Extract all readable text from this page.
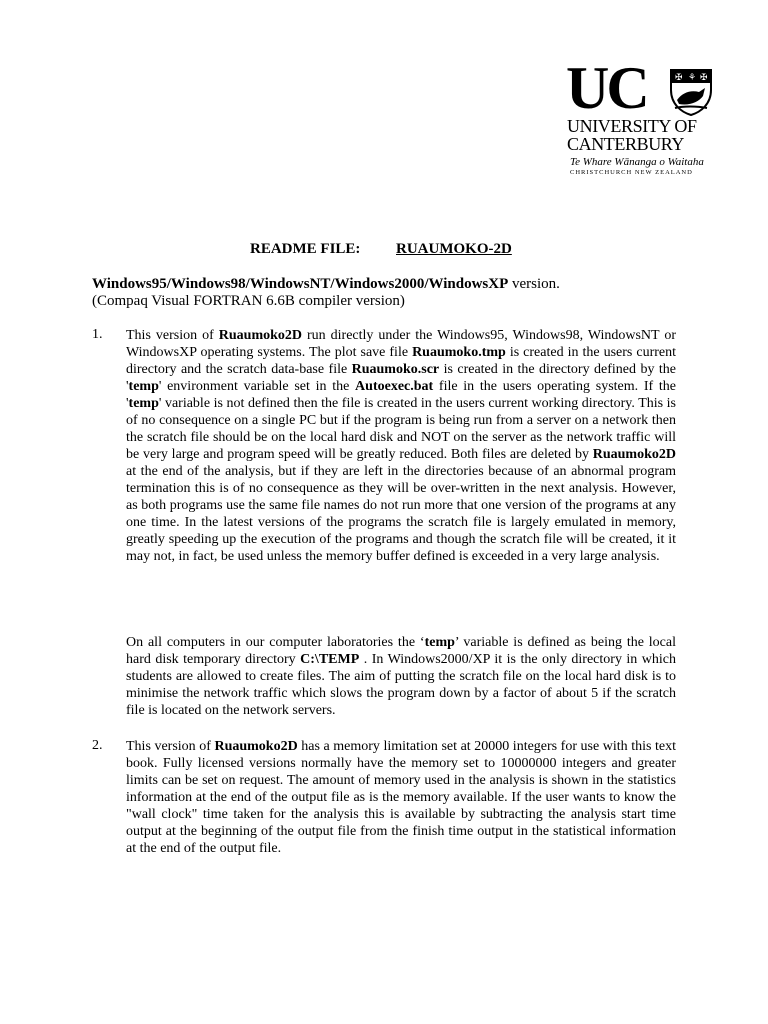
UC	✠ ⚘ ✠
UNIVERSITY OF
CANTERBURY
Te Whare Wānanga o Waitaha
CHRISTCHURCH NEW ZEALAND
README FILE: RUAUMOKO-2D
Windows95/Windows98/WindowsNT/Windows2000/WindowsXP version.
(Compaq Visual FORTRAN 6.6B compiler version)
1. This version of Ruaumoko2D run directly under the Windows95, Windows98, WindowsNT or WindowsXP operating systems. The plot save file Ruaumoko.tmp is created in the users current directory and the scratch data-base file Ruaumoko.scr is created in the directory defined by the 'temp' environment variable set in the Autoexec.bat file in the users operating system. If the 'temp' variable is not defined then the file is created in the users current working directory. This is of no consequence on a single PC but if the program is being run from a server on a network then the scratch file should be on the local hard disk and NOT on the server as the network traffic will be very large and program speed will be greatly reduced. Both files are deleted by Ruaumoko2D at the end of the analysis, but if they are left in the directories because of an abnormal program termination this is of no consequence as they will be over-written in the next analysis. However, as both programs use the same file names do not run more that one version of the programs at any one time. In the latest versions of the programs the scratch file is largely emulated in memory, greatly speeding up the execution of the programs and though the scratch file will be created, it it may not, in fact, be used unless the memory buffer defined is exceeded in a very large analysis.
On all computers in our computer laboratories the ‘temp’ variable is defined as being the local hard disk temporary directory C:\TEMP . In Windows2000/XP it is the only directory in which students are allowed to create files. The aim of putting the scratch file on the local hard disk is to minimise the network traffic which slows the program down by a factor of about 5 if the scratch file is located on the network servers.
2. This version of Ruaumoko2D has a memory limitation set at 20000 integers for use with this text book. Fully licensed versions normally have the memory set to 10000000 integers and greater limits can be set on request. The amount of memory used in the analysis is shown in the statistics information at the end of the output file as is the memory available. If the user wants to know the "wall clock" time taken for the analysis this is available by subtracting the analysis start time output at the beginning of the output file from the finish time output in the statistical information at the end of the output file.
